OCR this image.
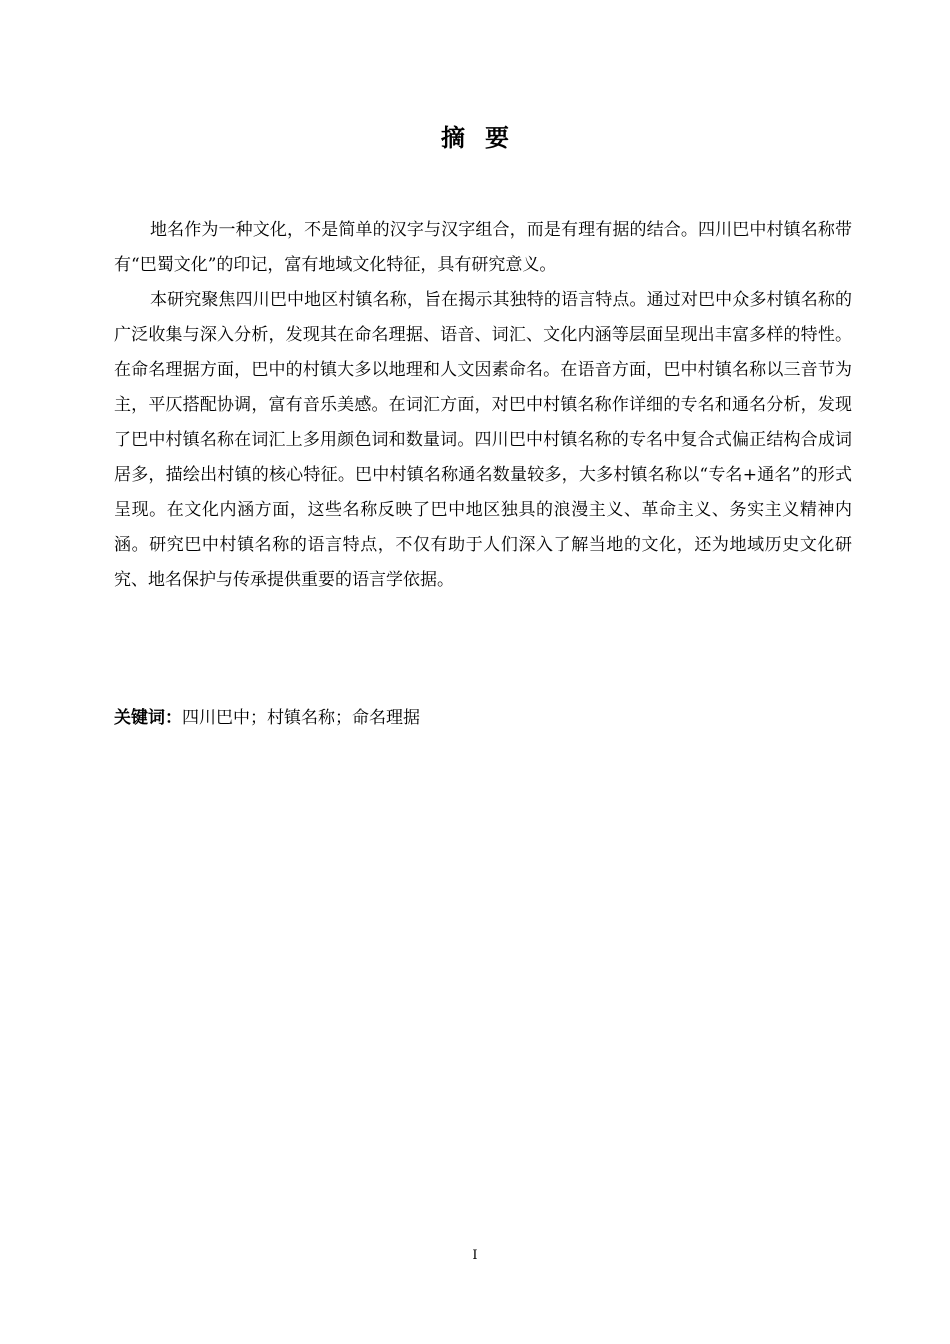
摘要

地名作为一种文化，不是简单的汉字与汉字组合，而是有理有据的结合。四川巴中村镇名称带有“巴蜀文化”的印记，富有地域文化特征，具有研究意义。

本研究聚焦四川巴中地区村镇名称，旨在揭示其独特的语言特点。通过对巴中众多村镇名称的广泛收集与深入分析，发现其在命名理据、语音、词汇、文化内涵等层面呈现出丰富多样的特性。在命名理据方面，巴中的村镇大多以地理和人文因素命名。在语音方面，巴中村镇名称以三音节为主，平仄搭配协调，富有音乐美感。在词汇方面，对巴中村镇名称作详细的专名和通名分析，发现了巴中村镇名称在词汇上多用颜色词和数量词。四川巴中村镇名称的专名中复合式偏正结构合成词居多，描绘出村镇的核心特征。巴中村镇名称通名数量较多，大多村镇名称以“专名+通名”的形式呈现。在文化内涵方面，这些名称反映了巴中地区独具的浪漫主义、革命主义、务实主义精神内涵。研究巴中村镇名称的语言特点，不仅有助于人们深入了解当地的文化，还为地域历史文化研究、地名保护与传承提供重要的语言学依据。

关键词：四川巴中；村镇名称；命名理据
I
